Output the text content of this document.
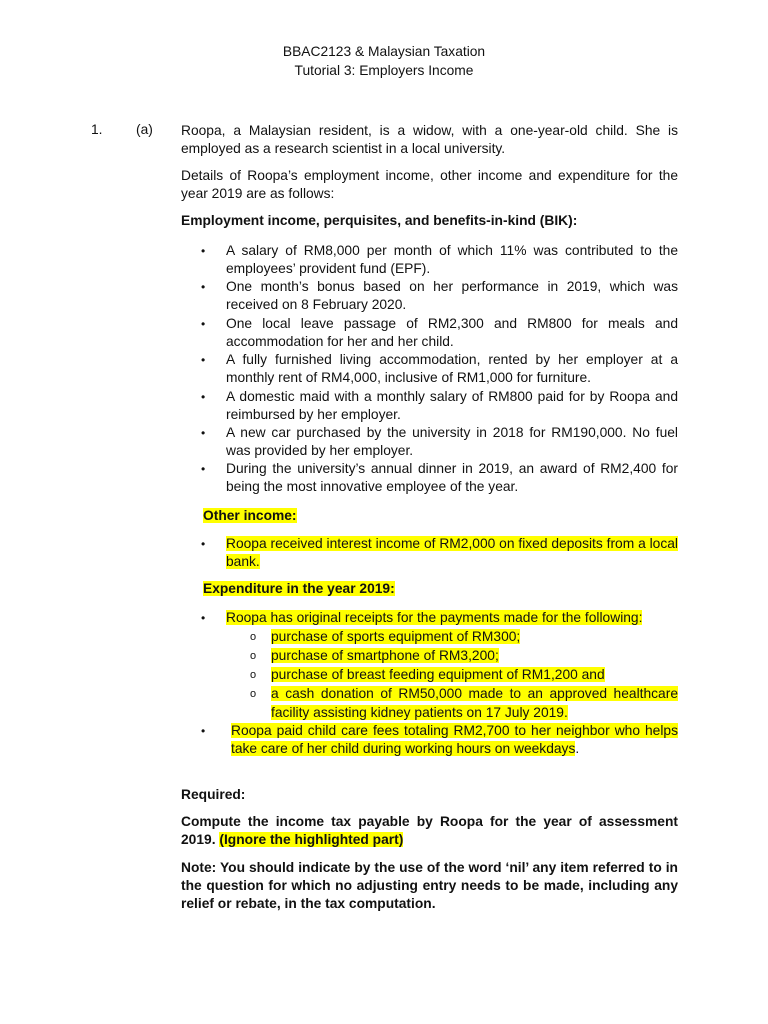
BBAC2123 & Malaysian Taxation
Tutorial 3: Employers Income
1. (a) Roopa, a Malaysian resident, is a widow, with a one-year-old child. She is employed as a research scientist in a local university.
Details of Roopa’s employment income, other income and expenditure for the year 2019 are as follows:
Employment income, perquisites, and benefits-in-kind (BIK):
• A salary of RM8,000 per month of which 11% was contributed to the employees’ provident fund (EPF).
• One month’s bonus based on her performance in 2019, which was received on 8 February 2020.
• One local leave passage of RM2,300 and RM800 for meals and accommodation for her and her child.
• A fully furnished living accommodation, rented by her employer at a monthly rent of RM4,000, inclusive of RM1,000 for furniture.
• A domestic maid with a monthly salary of RM800 paid for by Roopa and reimbursed by her employer.
• A new car purchased by the university in 2018 for RM190,000. No fuel was provided by her employer.
• During the university’s annual dinner in 2019, an award of RM2,400 for being the most innovative employee of the year.
Other income:
• Roopa received interest income of RM2,000 on fixed deposits from a local bank.
Expenditure in the year 2019:
• Roopa has original receipts for the payments made for the following:
o purchase of sports equipment of RM300;
o purchase of smartphone of RM3,200;
o purchase of breast feeding equipment of RM1,200 and
o a cash donation of RM50,000 made to an approved healthcare facility assisting kidney patients on 17 July 2019.
• Roopa paid child care fees totaling RM2,700 to her neighbor who helps take care of her child during working hours on weekdays.
Required:
Compute the income tax payable by Roopa for the year of assessment 2019. (Ignore the highlighted part)
Note: You should indicate by the use of the word ‘nil’ any item referred to in the question for which no adjusting entry needs to be made, including any relief or rebate, in the tax computation.
